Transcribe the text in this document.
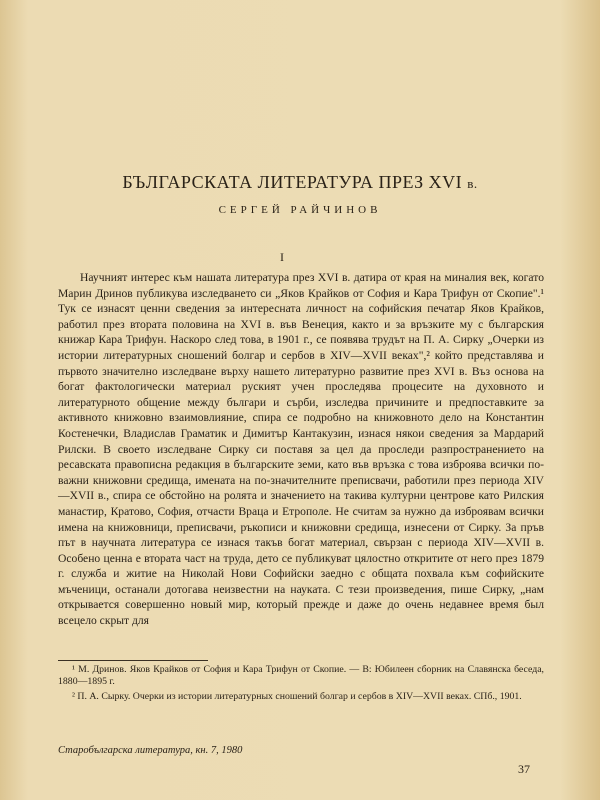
БЪЛГАРСКАТА ЛИТЕРАТУРА ПРЕЗ XVI в.

СЕРГЕЙ РАЙЧИНОВ

I

Научният интерес към нашата литература през XVI в. датира от края на миналия век, когато Марин Дринов публикува изследването си „Яков Крайков от София и Кара Трифун от Скопие".¹ Тук се изнасят ценни сведения за интересната личност на софийския печатар Яков Крайков, работил през втората половина на XVI в. във Венеция, както и за връзките му с българския книжар Кара Трифун. Наскоро след това, в 1901 г., се появява трудът на П. А. Сирку „Очерки из истории литературных сношений болгар и сербов в XIV—XVII веках",² който представлява и първото значително изследване върху нашето литературно развитие през XVI в. Въз основа на богат фактологически материал руският учен проследява процесите на духовното и литературното общение между българи и сърби, изследва причините и предпоставките за активното книжовно взаимовлияние, спира се подробно на книжовното дело на Константин Костенечки, Владислав Граматик и Димитър Кантакузин, изнася някои сведения за Мардарий Рилски. В своето изследване Сирку си поставя за цел да проследи разпространението на ресавската правописна редакция в българските земи, като във връзка с това изброява всички по-важни книжовни средища, имената на по-значителните преписвачи, работили през периода XIV—XVII в., спира се обстойно на ролята и значението на такива културни центрове като Рилския манастир, Кратово, София, отчасти Враца и Етрополе. Не считам за нужно да изброявам всички имена на книжовници, преписвачи, ръкописи и книжовни средища, изнесени от Сирку. За пръв път в научната литература се изнася такъв богат материал, свързан с периода XIV—XVII в. Особено ценна е втората част на труда, дето се публикуват цялостно откритите от него през 1879 г. служба и житие на Николай Нови Софийски заедно с общата похвала към софийските мъченици, останали дотогава неизвестни на науката. С тези произведения, пише Сирку, „нам открывается совершенно новый мир, который прежде и даже до очень недавнее время был всецело скрыт для

¹ М. Дринов. Яков Крайков от София и Кара Трифун от Скопие. — В: Юбилеен сборник на Славянска беседа, 1880—1895 г.

² П. А. Сырку. Очерки из истории литературных сношений болгар и сербов в XIV—XVII веках. СПб., 1901.

Старобългарска литература, кн. 7, 1980
37
